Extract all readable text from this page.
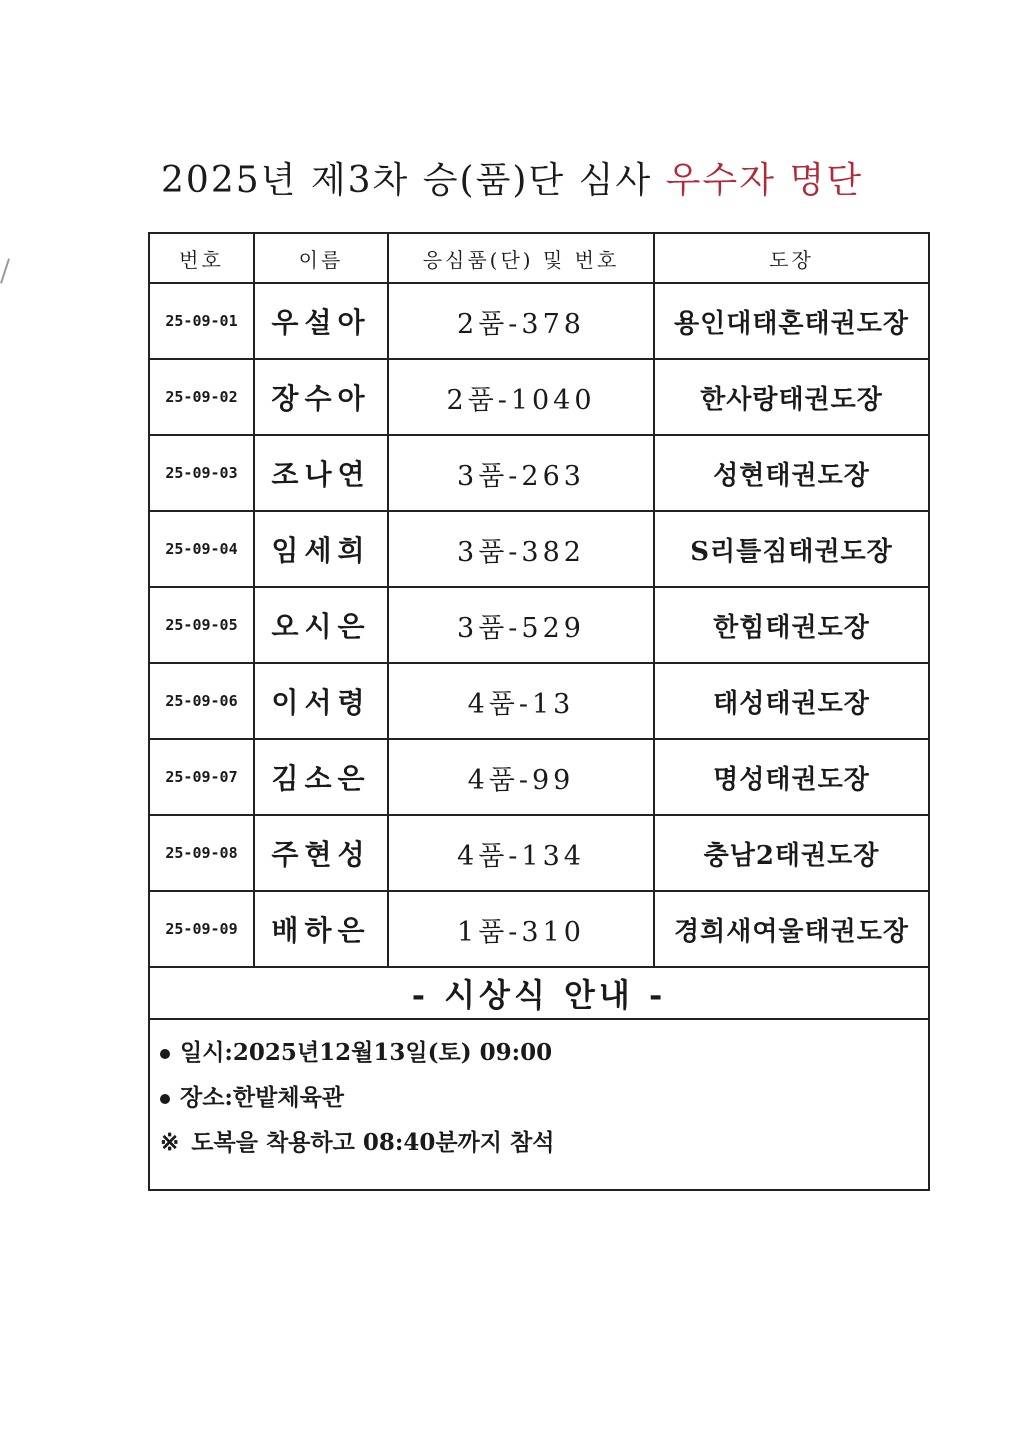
2025년 제3차 승(품)단 심사 우수자 명단
번호	이름	응심품(단) 및 번호	도장
25-09-01	우설아	2품-378	용인대태혼태권도장
25-09-02	장수아	2품-1040	한사랑태권도장
25-09-03	조나연	3품-263	성현태권도장
25-09-04	임세희	3품-382	S리틀짐태권도장
25-09-05	오시은	3품-529	한힘태권도장
25-09-06	이서령	4품-13	태성태권도장
25-09-07	김소은	4품-99	명성태권도장
25-09-08	주현성	4품-134	충남2태권도장
25-09-09	배하은	1품-310	경희새여울태권도장
- 시상식 안내 -			

일시:2025년12월13일(토) 09:00
장소:한밭체육관
※ 도복을 착용하고 08:40분까지 참석			
